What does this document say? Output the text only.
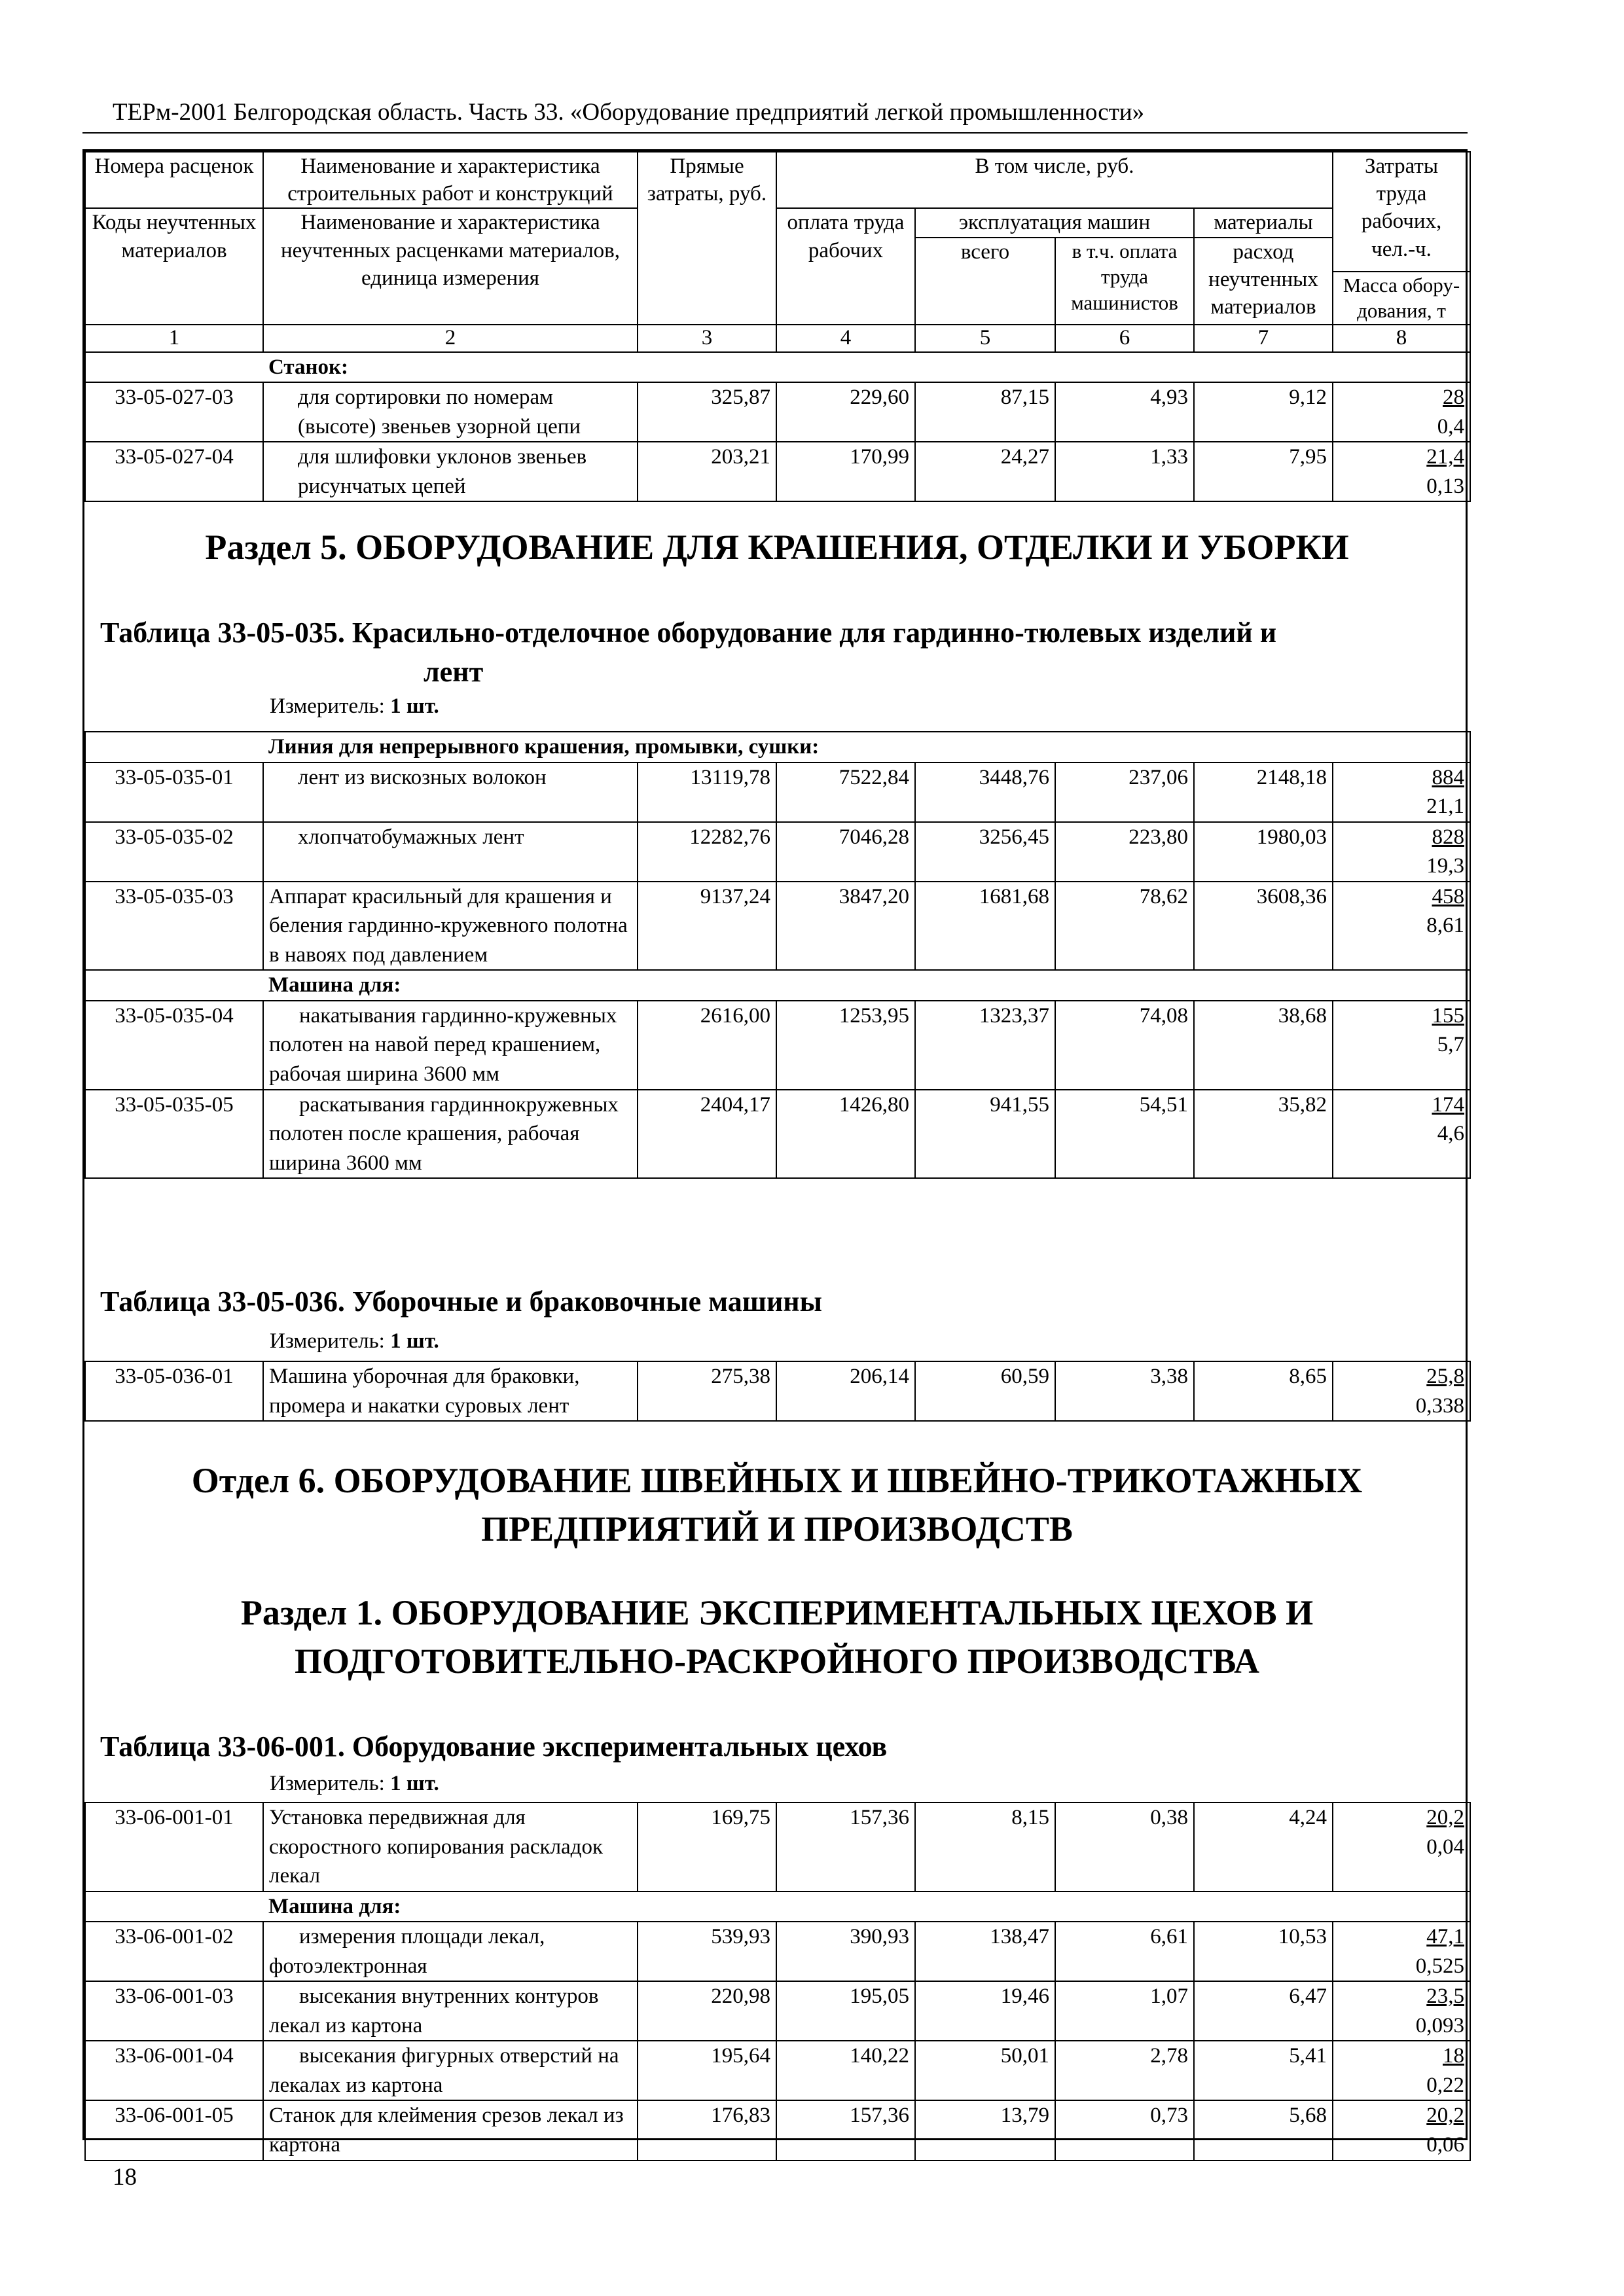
ТЕРм-2001 Белгородская область. Часть 33. «Оборудование предприятий легкой промышленности»
Номера расценок	Наименование и характеристика строительных работ и конструкций	Прямые затраты, руб.	В том числе, руб.				Затраты труда рабочих, чел.-ч.
Коды неучтенных материалов	Наименование и характеристика неучтенных расценками материалов, единица измерения		оплата труда рабочих	эксплуатация машин		материалы	
				всего	в т.ч. оплата труда машинистов	расход неучтенных материалов	
							Масса обору-дования, т
1	2	3	4	5	6	7	8
	Станок:						
33-05-027-03	для сортировки по номерам (высоте) звеньев узорной цепи	325,87	229,60	87,15	4,93	9,12	28
0,4

33-05-027-04	для шлифовки уклонов звеньев рисунчатых цепей	203,21	170,99	24,27	1,33	7,95	21,4
0,13
Раздел 5. ОБОРУДОВАНИЕ ДЛЯ КРАШЕНИЯ, ОТДЕЛКИ И УБОРКИ
Таблица 33-05-035. Красильно-отделочное оборудование для гардинно-тюлевых изделий и
лент
Измеритель: 1 шт.
	Линия для непрерывного крашения, промывки, сушки:						
33-05-035-01	лент из вискозных волокон	13119,78	7522,84	3448,76	237,06	2148,18	884
21,1

33-05-035-02	хлопчатобумажных лент	12282,76	7046,28	3256,45	223,80	1980,03	828
19,3

33-05-035-03	Аппарат красильный для крашения и беления гардинно-кружевного полотна в навоях под давлением	9137,24	3847,20	1681,68	78,62	3608,36	458
8,61

	Машина для:						
33-05-035-04	накатывания гардинно-кружевных полотен на навой перед крашением, рабочая ширина 3600 мм	2616,00	1253,95	1323,37	74,08	38,68	155
5,7

33-05-035-05	раскатывания гардиннокружевных полотен после крашения, рабочая ширина 3600 мм	2404,17	1426,80	941,55	54,51	35,82	174
4,6
Таблица 33-05-036. Уборочные и браковочные машины
Измеритель: 1 шт.
33-05-036-01	Машина уборочная для браковки, промера и накатки суровых лент	275,38	206,14	60,59	3,38	8,65	25,8
0,338
Отдел 6. ОБОРУДОВАНИЕ ШВЕЙНЫХ И ШВЕЙНО-ТРИКОТАЖНЫХ
ПРЕДПРИЯТИЙ И ПРОИЗВОДСТВ
Раздел 1. ОБОРУДОВАНИЕ ЭКСПЕРИМЕНТАЛЬНЫХ ЦЕХОВ И
ПОДГОТОВИТЕЛЬНО-РАСКРОЙНОГО ПРОИЗВОДСТВА
Таблица 33-06-001. Оборудование экспериментальных цехов
Измеритель: 1 шт.
33-06-001-01	Установка передвижная для скоростного копирования раскладок лекал	169,75	157,36	8,15	0,38	4,24	20,2
0,04

	Машина для:						
33-06-001-02	измерения площади лекал, фотоэлектронная	539,93	390,93	138,47	6,61	10,53	47,1
0,525

33-06-001-03	высекания внутренних контуров лекал из картона	220,98	195,05	19,46	1,07	6,47	23,5
0,093

33-06-001-04	высекания фигурных отверстий на лекалах из картона	195,64	140,22	50,01	2,78	5,41	18
0,22

33-06-001-05	Станок для клеймения срезов лекал из картона	176,83	157,36	13,79	0,73	5,68	20,2
0,06
18
